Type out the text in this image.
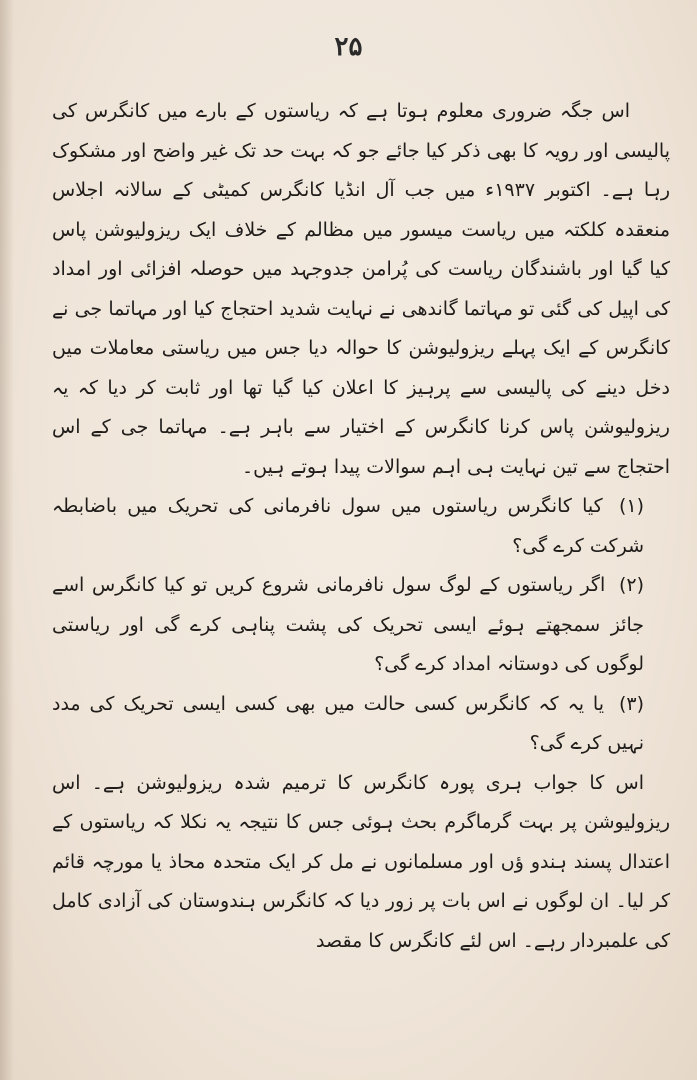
۲۵

اس جگہ ضروری معلوم ہوتا ہے کہ ریاستوں کے بارے میں کانگرس کی پالیسی اور رویہ کا بھی ذکر کیا جائے جو کہ بہت حد تک غیر واضح اور مشکوک رہا ہے۔ اکتوبر ۱۹۳۷ء میں جب آل انڈیا کانگرس کمیٹی کے سالانہ اجلاس منعقدہ کلکتہ میں ریاست میسور میں مظالم کے خلاف ایک ریزولیوشن پاس کیا گیا اور باشندگان ریاست کی پُرامن جدوجہد میں حوصلہ افزائی اور امداد کی اپیل کی گئی تو مہاتما گاندھی نے نہایت شدید احتجاج کیا اور مہاتما جی نے کانگرس کے ایک پہلے ریزولیوشن کا حوالہ دیا جس میں ریاستی معاملات میں دخل دینے کی پالیسی سے پرہیز کا اعلان کیا گیا تھا اور ثابت کر دیا کہ یہ ریزولیوشن پاس کرنا کانگرس کے اختیار سے باہر ہے۔ مہاتما جی کے اس احتجاج سے تین نہایت ہی اہم سوالات پیدا ہوتے ہیں۔

(۱) کیا کانگرس ریاستوں میں سول نافرمانی کی تحریک میں باضابطہ شرکت کرے گی؟

(۲) اگر ریاستوں کے لوگ سول نافرمانی شروع کریں تو کیا کانگرس اسے جائز سمجھتے ہوئے ایسی تحریک کی پشت پناہی کرے گی اور ریاستی لوگوں کی دوستانہ امداد کرے گی؟

(۳) یا یہ کہ کانگرس کسی حالت میں بھی کسی ایسی تحریک کی مدد نہیں کرے گی؟

اس کا جواب ہری پورہ کانگرس کا ترمیم شدہ ریزولیوشن ہے۔ اس ریزولیوشن پر بہت گرماگرم بحث ہوئی جس کا نتیجہ یہ نکلا کہ ریاستوں کے اعتدال پسند ہندو ؤں اور مسلمانوں نے مل کر ایک متحدہ محاذ یا مورچہ قائم کر لیا۔ ان لوگوں نے اس بات پر زور دیا کہ کانگرس ہندوستان کی آزادی کامل کی علمبردار رہے۔ اس لئے کانگرس کا مقصد
